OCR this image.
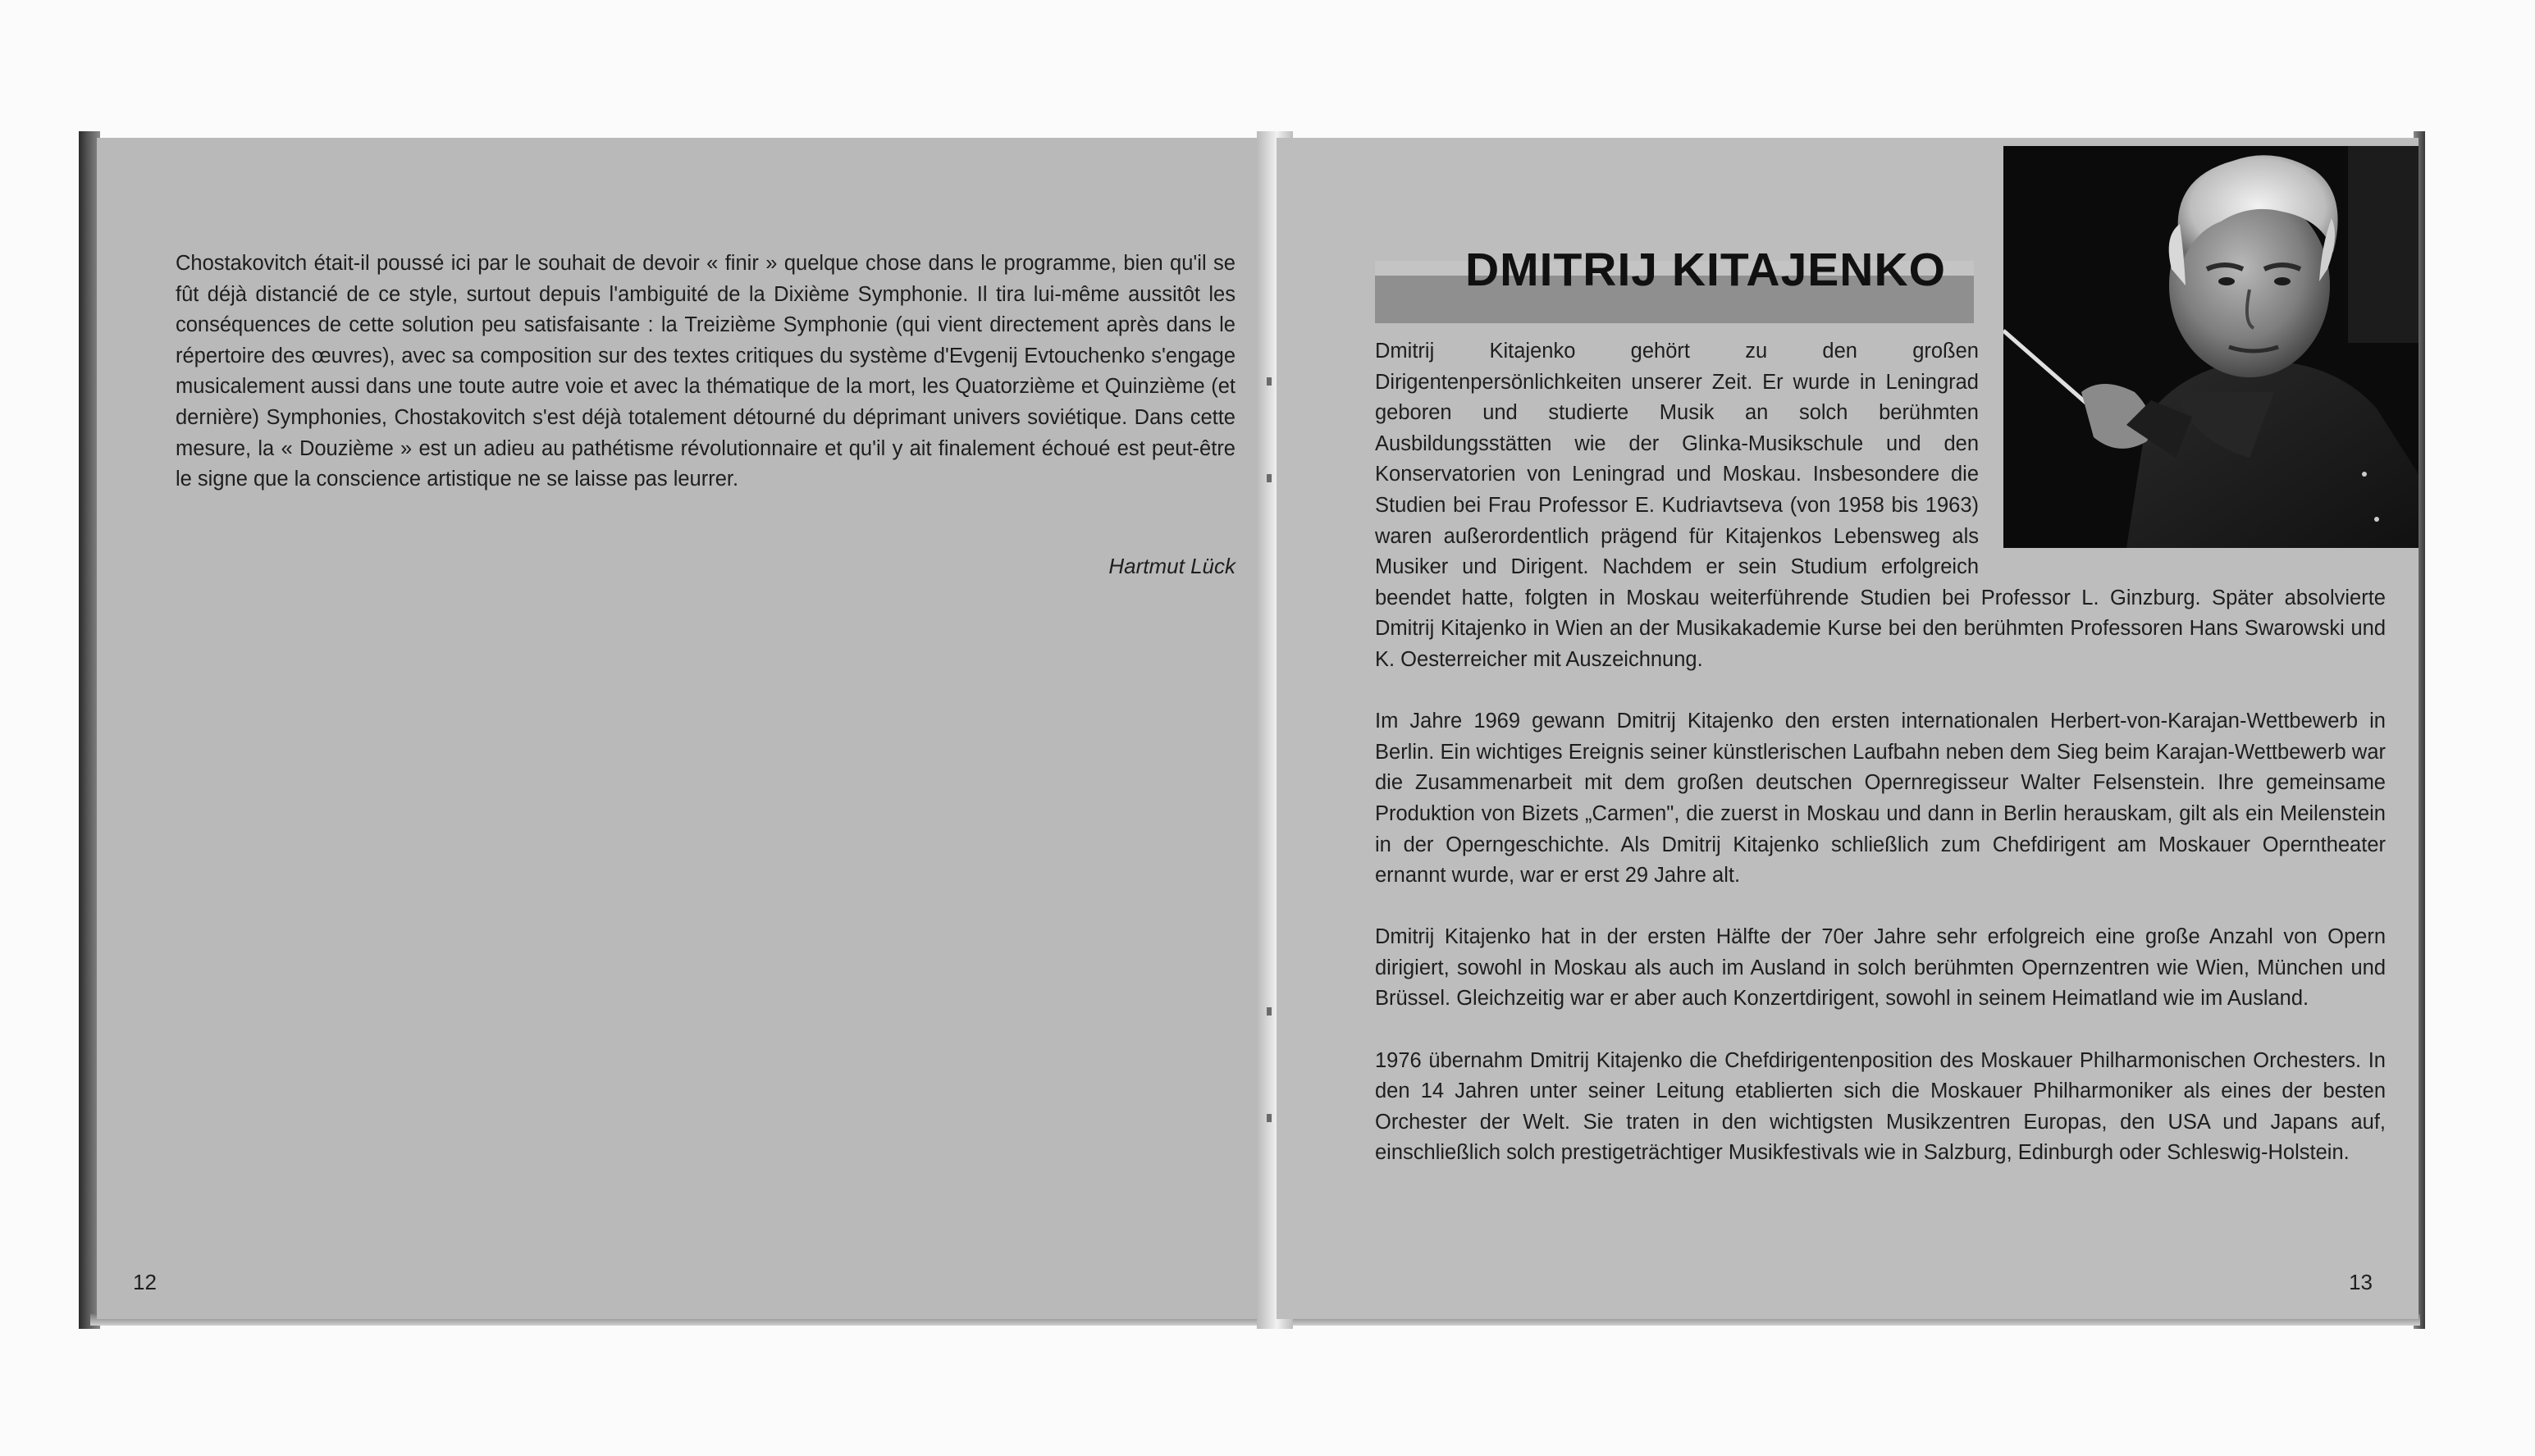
Chostakovitch était-il poussé ici par le souhait de devoir « finir » quelque chose dans le programme, bien qu'il se fût déjà distancié de ce style, surtout depuis l'ambiguité de la Dixième Symphonie. Il tira lui-même aussitôt les conséquences de cette solution peu satisfaisante : la Treizième Symphonie (qui vient directement après dans le répertoire des œuvres), avec sa composition sur des textes critiques du système d'Evgenij Evtouchenko s'engage musicalement aussi dans une toute autre voie et avec la thématique de la mort, les Quatorzième et Quinzième (et dernière) Symphonies, Chostakovitch s'est déjà totalement détourné du déprimant univers soviétique. Dans cette mesure, la « Douzième » est un adieu au pathétisme révolutionnaire et qu'il y ait finalement échoué est peut-être le signe que la conscience artistique ne se laisse pas leurrer.
Hartmut Lück
12
DMITRIJ KITAJENKO

Dmitrij Kitajenko gehört zu den großen Dirigentenpersönlichkeiten unserer Zeit. Er wurde in Leningrad geboren und studierte Musik an solch berühmten Ausbildungsstätten wie der Glinka-Musikschule und den Konservatorien von Leningrad und Moskau. Insbesondere die Studien bei Frau Professor E. Kudriavtseva (von 1958 bis 1963) waren außerordentlich prägend für Kitajenkos Lebensweg als Musiker und Dirigent. Nachdem er sein Studium erfolgreich beendet hatte, folgten in Moskau weiterführende Studien bei Professor L. Ginzburg. Später absolvierte Dmitrij Kitajenko in Wien an der Musikakademie Kurse bei den berühmten Professoren Hans Swarowski und K. Oesterreicher mit Auszeichnung.

Im Jahre 1969 gewann Dmitrij Kitajenko den ersten internationalen Herbert-von-Karajan-Wettbewerb in Berlin. Ein wichtiges Ereignis seiner künstlerischen Laufbahn neben dem Sieg beim Karajan-Wettbewerb war die Zusammenarbeit mit dem großen deutschen Opernregisseur Walter Felsenstein. Ihre gemeinsame Produktion von Bizets „Carmen", die zuerst in Moskau und dann in Berlin herauskam, gilt als ein Meilenstein in der Operngeschichte. Als Dmitrij Kitajenko schließlich zum Chefdirigent am Moskauer Operntheater ernannt wurde, war er erst 29 Jahre alt.

Dmitrij Kitajenko hat in der ersten Hälfte der 70er Jahre sehr erfolgreich eine große Anzahl von Opern dirigiert, sowohl in Moskau als auch im Ausland in solch berühmten Opernzentren wie Wien, München und Brüssel. Gleichzeitig war er aber auch Konzertdirigent, sowohl in seinem Heimatland wie im Ausland.

1976 übernahm Dmitrij Kitajenko die Chefdirigentenposition des Moskauer Philharmonischen Orchesters. In den 14 Jahren unter seiner Leitung etablierten sich die Moskauer Philharmoniker als eines der besten Orchester der Welt. Sie traten in den wichtigsten Musikzentren Europas, den USA und Japans auf, einschließlich solch prestigeträchtiger Musikfestivals wie in Salzburg, Edinburgh oder Schleswig-Holstein.

13
